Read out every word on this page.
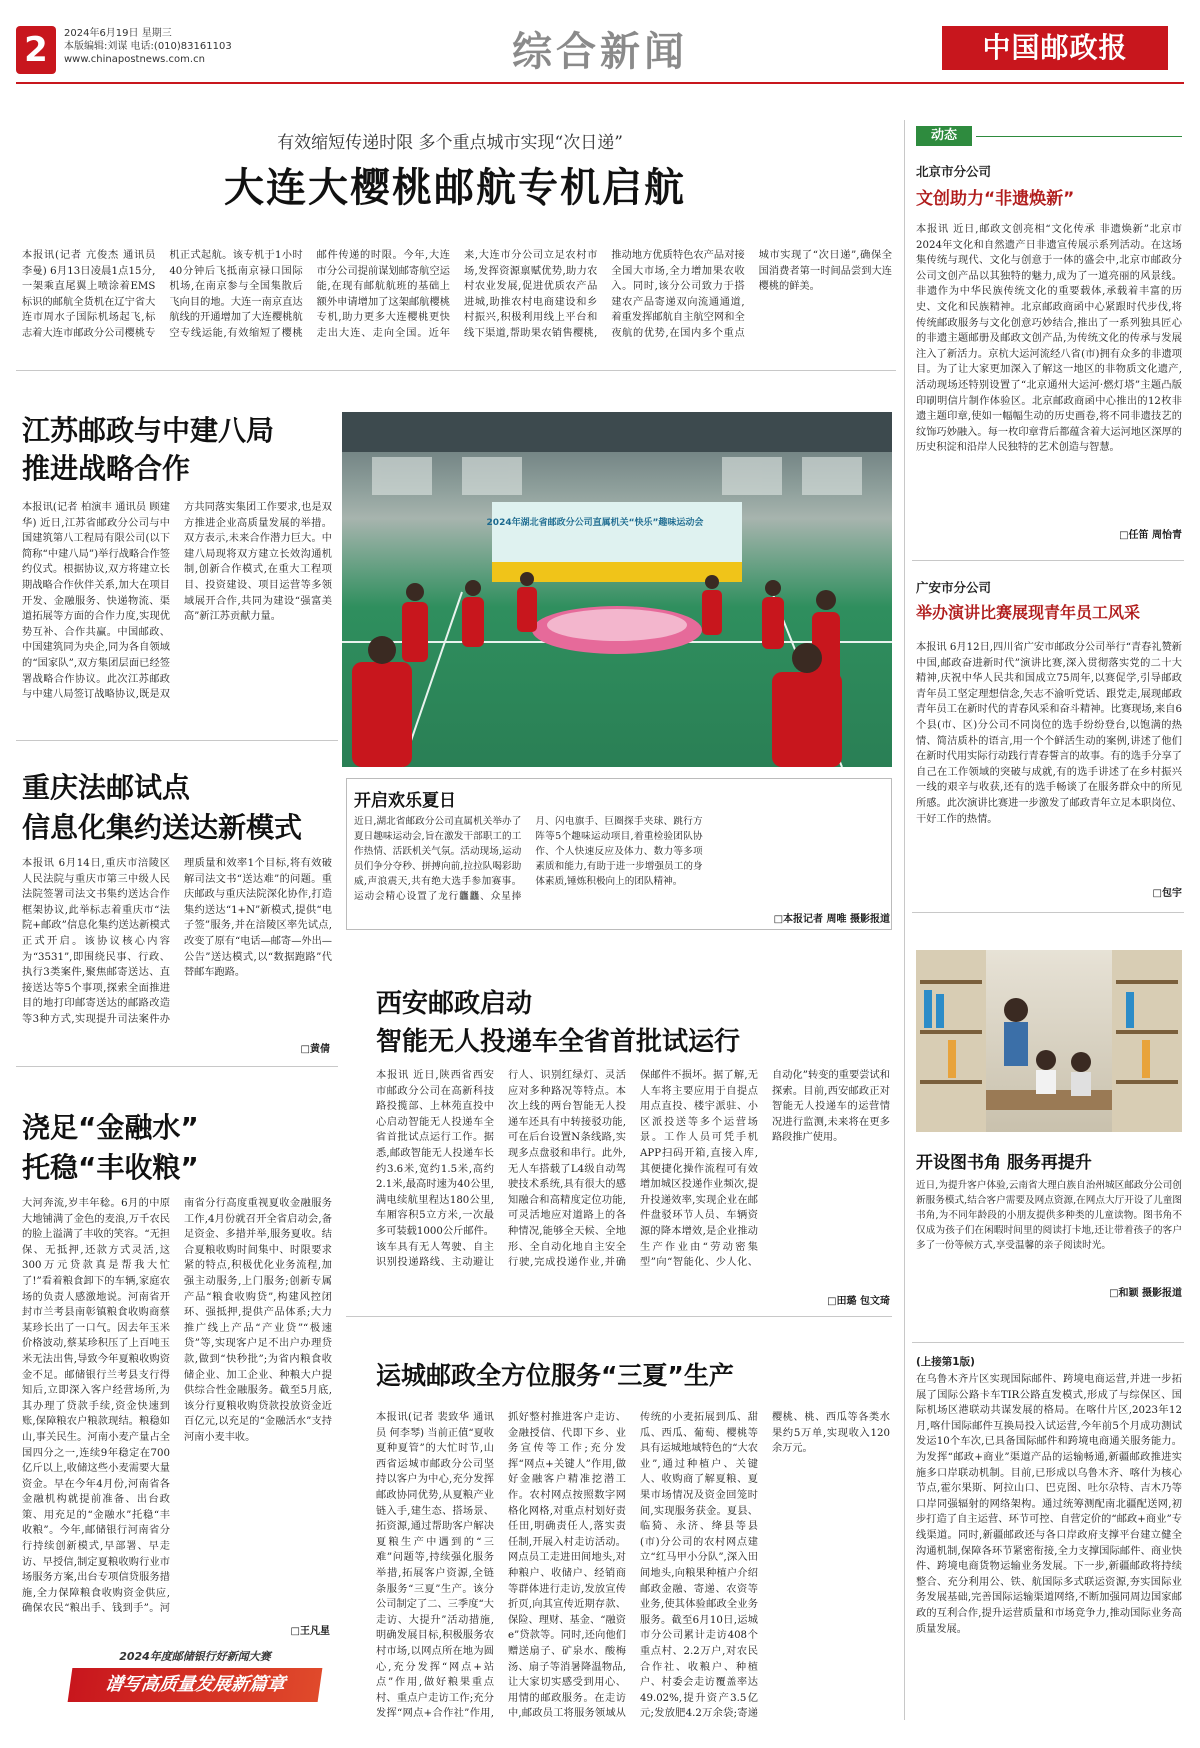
2	2024年6月19日 星期三
本版编辑:刘谋 电话:(010)83161103
www.chinapostnews.com.cn	综合新闻	中国邮政报
有效缩短传递时限 多个重点城市实现“次日递”
大连大樱桃邮航专机启航
本报讯(记者 亢俊杰 通讯员 李曼) 6月13日凌晨1点15分,一架乘直尾翼上喷涂着EMS标识的邮航全货机在辽宁省大连市周水子国际机场起飞,标志着大连市邮政分公司樱桃专机正式起航。该专机于1小时40分钟后飞抵南京禄口国际机场,在南京参与全国集散后飞向目的地。大连一南京直达航线的开通增加了大连樱桃航空专线运能,有效缩短了樱桃邮件传递的时限。今年,大连市分公司提前谋划邮寄航空运能,在现有邮航航班的基础上额外申请增加了这架邮航樱桃专机,助力更多大连樱桃更快走出大连、走向全国。近年来,大连市分公司立足农村市场,发挥资源禀赋优势,助力农村农业发展,促进优质农产品进城,助推农村电商建设和乡村振兴,积极利用线上平台和线下渠道,帮助果农销售樱桃,推动地方优质特色农产品对接全国大市场,全力增加果农收入。同时,该分公司致力于搭建农产品寄递双向流通通道,着重发挥邮航自主航空网和全夜航的优势,在国内多个重点城市实现了“次日递”,确保全国消费者第一时间品尝到大连樱桃的鲜美。
江苏邮政与中建八局
推进战略合作
本报讯(记者 柏演丰 通讯员 顾建华) 近日,江苏省邮政分公司与中国建筑第八工程局有限公司(以下简称“中建八局”)举行战略合作签约仪式。根据协议,双方将建立长期战略合作伙伴关系,加大在项目开发、金融服务、快递物流、渠道拓展等方面的合作力度,实现优势互补、合作共赢。中国邮政、中国建筑同为央企,同为各自领域的“国家队”,双方集团层面已经签署战略合作协议。此次江苏邮政与中建八局签订战略协议,既是双方共同落实集团工作要求,也是双方推进企业高质量发展的举措。双方表示,未来合作潜力巨大。中建八局现将双方建立长效沟通机制,创新合作模式,在重大工程项目、投资建设、项目运营等多领域展开合作,共同为建设“强富美高”新江苏贡献力量。
重庆法邮试点
信息化集约送达新模式
本报讯 6月14日,重庆市涪陵区人民法院与重庆市第三中级人民法院签署司法文书集约送达合作框架协议,此举标志着重庆市“法院+邮政”信息化集约送达新模式正式开启。该协议核心内容为“3531”,即围绕民事、行政、执行3类案件,聚焦邮寄送达、直接送达等5个事项,探索全面推进目的地打印邮寄送达的邮路改造等3种方式,实现提升司法案件办理质量和效率1个目标,将有效破解司法文书“送达难”的问题。重庆邮政与重庆法院深化协作,打造集约送达“1+N”新模式,提供“电子签”服务,并在涪陵区率先试点,改变了原有“电话—邮寄—外出—公告”送达模式,以“数据跑路”代替邮车跑路。
□黄倩
浇足“金融水”
托稳“丰收粮”
大河奔流,岁丰年稔。6月的中原大地铺满了金色的麦浪,万千农民的脸上溢满了丰收的笑容。“无担保、无抵押,还款方式灵活,这300万元贷款真是帮我大忙了!”看着粮食卸下的车辆,家庭农场的负责人感激地说。河南省开封市兰考县南彰镇粮食收购商蔡某珍长出了一口气。因去年玉米价格波动,蔡某珍积压了上百吨玉米无法出售,导致今年夏粮收购资金不足。邮储银行兰考县支行得知后,立即深入客户经营场所,为其办理了贷款手续,资金快速到账,保障粮农户粮款现结。粮稳如山,事关民生。河南小麦产量占全国四分之一,连续9年稳定在700亿斤以上,收储这些小麦需要大量资金。早在今年4月份,河南省各金融机构就提前准备、出台政策、用充足的“金融水”托稳“丰收粮”。今年,邮储银行河南省分行持续创新模式,早部署、早走访、早授信,制定夏粮收购行业市场服务方案,出台专项信贷服务措施,全力保障粮食收购资金供应,确保农民“粮出手、钱到手”。河南省分行高度重视夏收金融服务工作,4月份就召开全省启动会,备足资金、多措并举,服务夏收。结合夏粮收购时间集中、时限要求紧的特点,积极优化业务流程,加强主动服务,上门服务;创新专属产品“粮食收购贷”,构建风控闭环、强抵押,提供产品体系;大力推广线上产品“产业贷”“极速贷”等,实现客户足不出户办理贷款,做到“快秒批”;为省内粮食收储企业、加工企业、种粮大户提供综合性金融服务。截至5月底,该分行夏粮收购贷款投放资金近百亿元,以充足的“金融活水”支持河南小麦丰收。
□王凡星
2024年度邮储银行好新闻大赛
谱写高质量发展新篇章
2024年湖北省邮政分公司直属机关“快乐”趣味运动会
开启欢乐夏日
近日,湖北省邮政分公司直属机关举办了夏日趣味运动会,旨在激发干部职工的工作热情、活跃机关气氛。活动现场,运动员们争分夺秒、拼搏向前,拉拉队喝彩助威,声浪震天,共有绝大选手参加赛事。运动会精心设置了龙行龘龘、众星捧月、闪电旗手、巨圈探手夹球、跳行方阵等5个趣味运动项目,着重检验团队协作、个人快速反应及体力、数力等多项素质和能力,有助于进一步增强员工的身体素质,锤炼积极向上的团队精神。
□本报记者 周唯 摄影报道
西安邮政启动
智能无人投递车全省首批试运行
本报讯 近日,陕西省西安市邮政分公司在高新科技路投揽部、上林苑直投中心启动智能无人投递车全省首批试点运行工作。据悉,邮政智能无人投递车长约3.6米,宽约1.5米,高约2.1米,最高时速为40公里,满电续航里程达180公里,车厢容积5立方米,一次最多可装载1000公斤邮件。该车具有无人驾驶、自主识别投递路线、主动避让行人、识别红绿灯、灵活应对多种路况等特点。本次上线的两台智能无人投递车还具有中转接驳功能,可在后台设置N条线路,实现多点盘驳和串行。此外,无人车搭载了L4级自动驾驶技术系统,具有很大的感知融合和高精度定位功能,可灵活地应对道路上的各种情况,能够全天候、全地形、全自动化地自主安全行驶,完成投递作业,并确保邮件不损坏。据了解,无人车将主要应用于自提点用点直投、楼宇派驻、小区派投送等多个运营场景。工作人员可凭手机APP扫码开箱,直接入库,其便捷化操作流程可有效增加城区投递作业频次,提升投递效率,实现企业在邮件盘驳环节人员、车辆资源的降本增效,是企业推动生产作业由“劳动密集型”向“智能化、少人化、自动化”转变的重要尝试和探索。目前,西安邮政正对智能无人投递车的运营情况进行监测,未来将在更多路段推广使用。
□田璐 包文琦
运城邮政全方位服务“三夏”生产
本报讯(记者 裴致华 通讯员 何李琴) 当前正值“夏收夏种夏管”的大忙时节,山西省运城市邮政分公司坚持以客户为中心,充分发挥邮政协同优势,从夏粮产业链入手,建生态、搭场景、拓资源,通过帮助客户解决夏粮生产中遇到的“三难”问题等,持续强化服务举措,拓展客户资源,全链条服务“三夏”生产。该分公司制定了二、三季度“大走访、大提升”活动措施,明确发展目标,积极服务农村市场,以网点所在地为圆心,充分发挥“网点+站点”作用,做好粮果重点村、重点户走访工作;充分发挥“网点+合作社”作用,抓好整村推进客户走访、金融授信、代即下乡、业务宣传等工作;充分发挥“网点+关键人”作用,做好金融客户精准挖潜工作。农村网点按照数字网格化网格,对重点村划好责任田,明确责任人,落实责任制,开展入村走访活动。网点员工走进田间地头,对种粮户、收储户、经销商等群体进行走访,发放宣传折页,向其宣传近期存款、保险、理财、基金、“融资e”贷款等。同时,还向他们赠送扇子、矿泉水、酸梅汤、扇子等消暑降温物品,让大家切实感受到用心、用情的邮政服务。在走访中,邮政员工将服务领域从传统的小麦拓展到瓜、甜瓜、西瓜、葡萄、樱桃等具有运城地域特色的“大农业”,通过种植户、关键人、收购商了解夏粮、夏果市场情况及资金回笼时间,实现服务获金。夏县、临猗、永济、绛县等县(市)分公司的农村网点建立“红马甲小分队”,深入田间地头,向粮果种植户介绍邮政金融、寄递、农资等业务,使其体验邮政全业务服务。截至6月10日,运城市分公司累计走访408个重点村、2.2万户,对农民合作社、收粮户、种植户、村委会走访覆盖率达49.02%,提升资产3.5亿元;发放肥4.2万余袋;寄递樱桃、桃、西瓜等各类水果约5万单,实现收入120余万元。
动态
北京市分公司
文创助力“非遗焕新”
本报讯 近日,邮政文创亮相“文化传承 非遗焕新”北京市2024年文化和自然遗产日非遗宣传展示系列活动。在这场集传统与现代、文化与创意于一体的盛会中,北京市邮政分公司文创产品以其独特的魅力,成为了一道亮丽的风景线。非遗作为中华民族传统文化的重要载体,承载着丰富的历史、文化和民族精神。北京邮政商函中心紧跟时代步伐,将传统邮政服务与文化创意巧妙结合,推出了一系列独具匠心的非遗主题邮册及邮政文创产品,为传统文化的传承与发展注入了新活力。京杭大运河流经八省(市)拥有众多的非遗项目。为了让大家更加深入了解这一地区的非物质文化遗产,活动现场还特别设置了“北京通州大运河·燃灯塔”主题凸版印刷明信片制作体验区。北京邮政商函中心推出的12枚非遗主题印章,使如一幅幅生动的历史画卷,将不同非遗技艺的纹饰巧妙融入。每一枚印章背后都蕴含着大运河地区深厚的历史积淀和沿岸人民独特的艺术创造与智慧。
□任笛 周怡青
广安市分公司
举办演讲比赛展现青年员工风采
本报讯 6月12日,四川省广安市邮政分公司举行“青春礼赞新中国,邮政奋进新时代”演讲比赛,深入贯彻落实党的二十大精神,庆祝中华人民共和国成立75周年,以赛促学,引导邮政青年员工坚定理想信念,矢志不渝听党话、跟党走,展现邮政青年员工在新时代的青春风采和奋斗精神。比赛现场,来自6个县(市、区)分公司不同岗位的选手纷纷登台,以饱满的热情、简洁质朴的语言,用一个个鲜活生动的案例,讲述了他们在新时代用实际行动践行青春誓言的故事。有的选手分享了自己在工作领域的突破与成就,有的选手讲述了在乡村振兴一线的艰辛与收获,还有的选手畅谈了在服务群众中的所见所感。此次演讲比赛进一步激发了邮政青年立足本职岗位、干好工作的热情。
□包宇
开设图书角 服务再提升
近日,为提升客户体验,云南省大理白族自治州城区邮政分公司创新服务模式,结合客户需要及网点资源,在网点大厅开设了儿童图书角,为不同年龄段的小朋友提供多种类的儿童读物。图书角不仅成为孩子们在闲暇时间里的阅读打卡地,还让带着孩子的客户多了一份等候方式,享受温馨的亲子阅读时光。
□和颖 摄影报道
(上接第1版)
在乌鲁木齐片区实现国际邮件、跨境电商运营,并进一步拓展了国际公路卡车TIR公路直发模式,形成了与综保区、国际机场区港联动共谋发展的格局。在喀什片区,2023年12月,喀什国际邮件互换局投入试运营,今年前5个月成功测试发运10个车次,已具备国际邮件和跨境电商通关服务能力。为发挥“邮政+商业”渠道产品的运输畅通,新疆邮政推进实施多口岸联动机制。目前,已形成以乌鲁木齐、喀什为核心节点,霍尔果斯、阿拉山口、巴克图、吐尔尕特、吉木乃等口岸同强辐射的网络架构。通过统筹测配南北疆配送网,初步打造了自主运营、环节可控、自营定价的“邮政+商业”专线渠道。同时,新疆邮政还与各口岸政府支撑平台建立健全沟通机制,保障各环节紧密衔接,全力支撑国际邮件、商业快件、跨境电商货物运输业务发展。下一步,新疆邮政将持续整合、充分利用公、铁、航国际多式联运资源,夯实国际业务发展基础,完善国际运输渠道网络,不断加强同周边国家邮政的互利合作,提升运营质量和市场竞争力,推动国际业务高质量发展。
